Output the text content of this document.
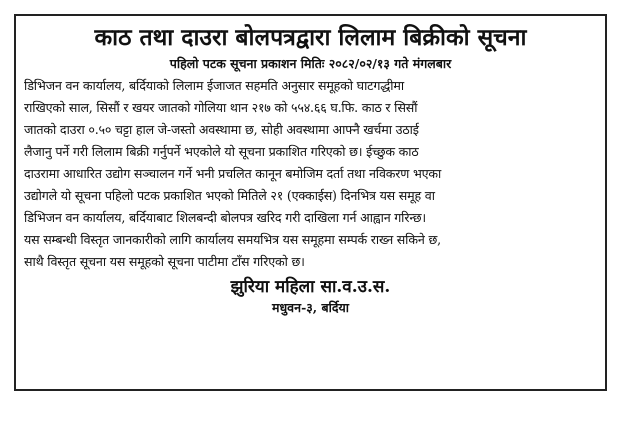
काठ तथा दाउरा बोलपत्रद्वारा लिलाम बिक्रीको सूचना

पहिलो पटक सूचना प्रकाशन मितिः २०८२/०२/१३ गते मंगलबार

डिभिजन वन कार्यालय, बर्दियाको लिलाम ईजाजत सहमति अनुसार समूहको घाटगद्धीमा
राखिएको साल, सिसौं र खयर जातको गोलिया थान २१७ को ५५४.६६ घ.फि. काठ र सिसौं
जातको दाउरा ०.५० चट्टा हाल जे-जस्तो अवस्थामा छ, सोही अवस्थामा आफ्नै खर्चमा उठाई
लैजानु पर्ने गरी लिलाम बिक्री गर्नुपर्ने भएकोले यो सूचना प्रकाशित गरिएको छ। ईच्छुक काठ
दाउरामा आधारित उद्योग सञ्चालन गर्ने भनी प्रचलित कानून बमोजिम दर्ता तथा नविकरण भएका
उद्योगले यो सूचना पहिलो पटक प्रकाशित भएको मितिले २१ (एक्काईस) दिनभित्र यस समूह वा
डिभिजन वन कार्यालय, बर्दियाबाट शिलबन्दी बोलपत्र खरिद गरी दाखिला गर्न आह्वान गरिन्छ।
यस सम्बन्धी विस्तृत जानकारीको लागि कार्यालय समयभित्र यस समूहमा सम्पर्क राख्न सकिने छ,
साथै विस्तृत सूचना यस समूहको सूचना पाटीमा टाँस गरिएको छ।

झुरिया महिला सा.व.उ.स.

मधुवन-३, बर्दिया
